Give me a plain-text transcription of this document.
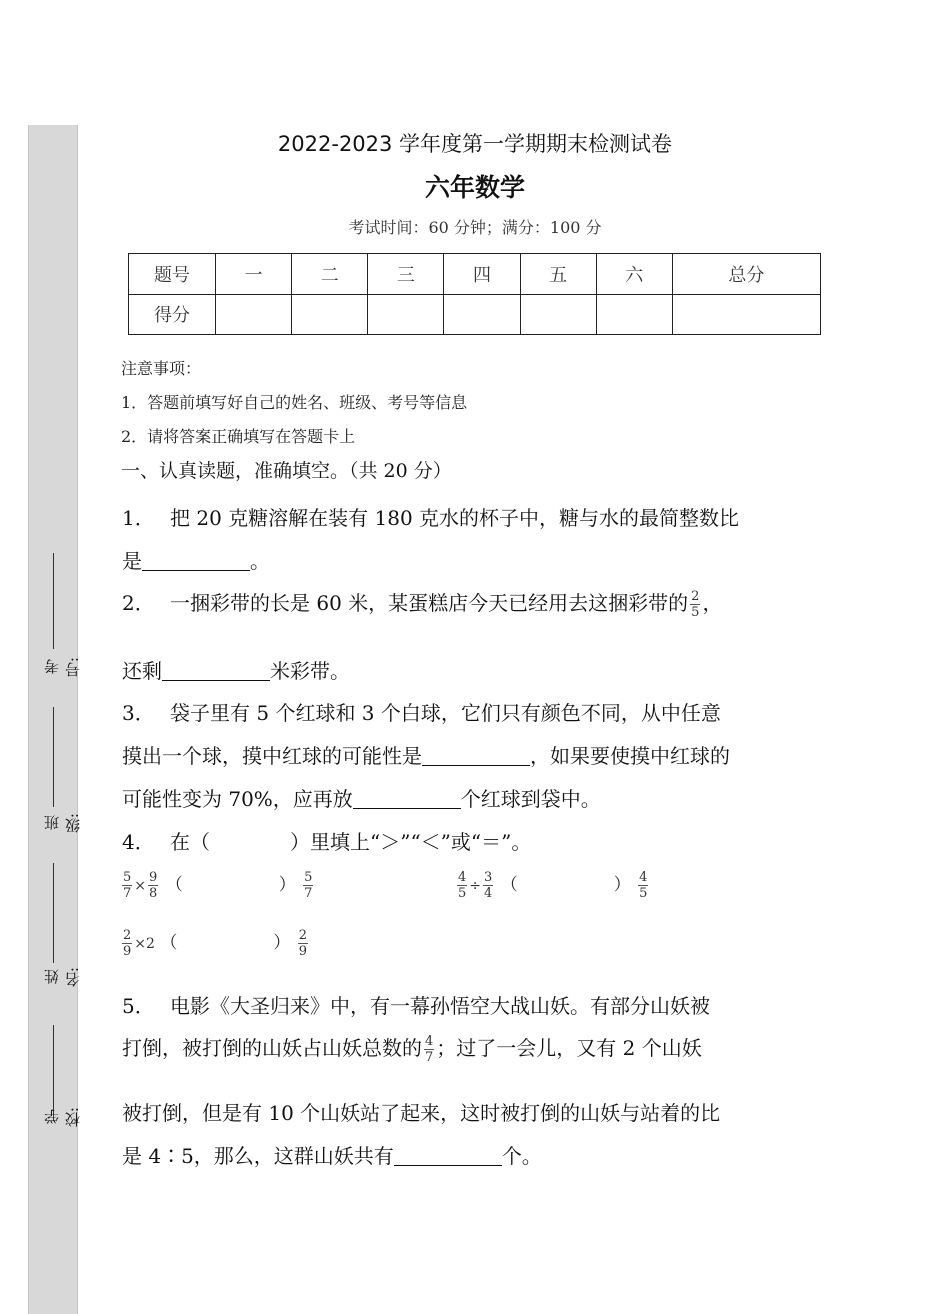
考号:
班级:
姓名:
学校:
2022-2023 学年度第一学期期末检测试卷
六年数学
考试时间：60 分钟；满分：100 分
题号	一	二	三	四	五	六	总分
得分							
注意事项：
1．答题前填写好自己的姓名、班级、考号等信息
2．请将答案正确填写在答题卡上
一、认真读题，准确填空。（共 20 分）
1． 把 20 克糖溶解在装有 180 克水的杯子中，糖与水的最简整数比
是	。
2． 一捆彩带的长是 60 米，某蛋糕店今天已经用去这捆彩带的 $\frac{2}{5}$ ，
还剩	米彩带。
3． 袋子里有 5 个红球和 3 个白球，它们只有颜色不同，从中任意
摸出一个球，摸中红球的可能性是	，如果要使摸中红球的
可能性变为 70%，应再放	个红球到袋中。
4． 在（　　　　）里填上“＞”“＜”或“＝”。
$\frac{5}{7} \times \frac{9}{8}$ （	） $\frac{5}{7}$	$\frac{4}{5} \div \frac{3}{4}$ （	） $\frac{4}{5}$
$\frac{2}{9} \times 2$ （	） $\frac{2}{9}$
5． 电影《大圣归来》中，有一幕孙悟空大战山妖。有部分山妖被
打倒，被打倒的山妖占山妖总数的 $\frac{4}{7}$ ；过了一会儿，又有 2 个山妖
被打倒，但是有 10 个山妖站了起来，这时被打倒的山妖与站着的比
是 4∶5，那么，这群山妖共有	个。
